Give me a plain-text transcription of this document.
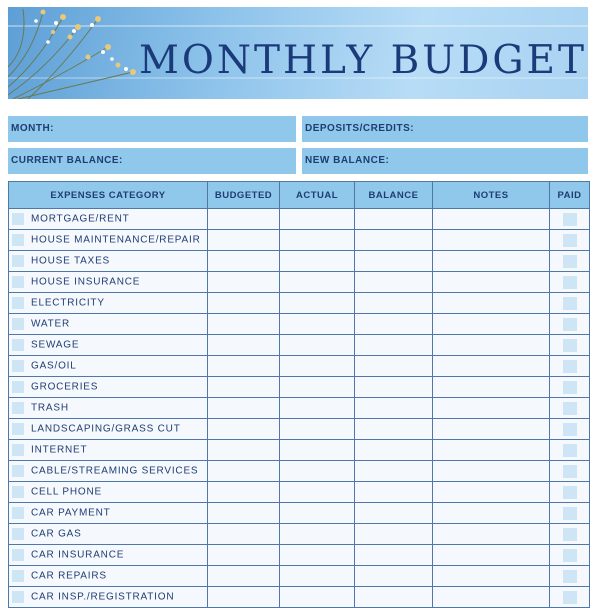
MONTHLY BUDGET
MONTH:	DEPOSITS/CREDITS:
CURRENT BALANCE:	NEW BALANCE:
EXPENSES CATEGORY	BUDGETED	ACTUAL	BALANCE	NOTES	PAID
MORTGAGE/RENT					

HOUSE MAINTENANCE/REPAIR					

HOUSE TAXES					

HOUSE INSURANCE					

ELECTRICITY					

WATER					

SEWAGE					

GAS/OIL					

GROCERIES					

TRASH					

LANDSCAPING/GRASS CUT					

INTERNET					

CABLE/STREAMING SERVICES					

CELL PHONE					

CAR PAYMENT					

CAR GAS					

CAR INSURANCE					

CAR REPAIRS					

CAR INSP./REGISTRATION					
